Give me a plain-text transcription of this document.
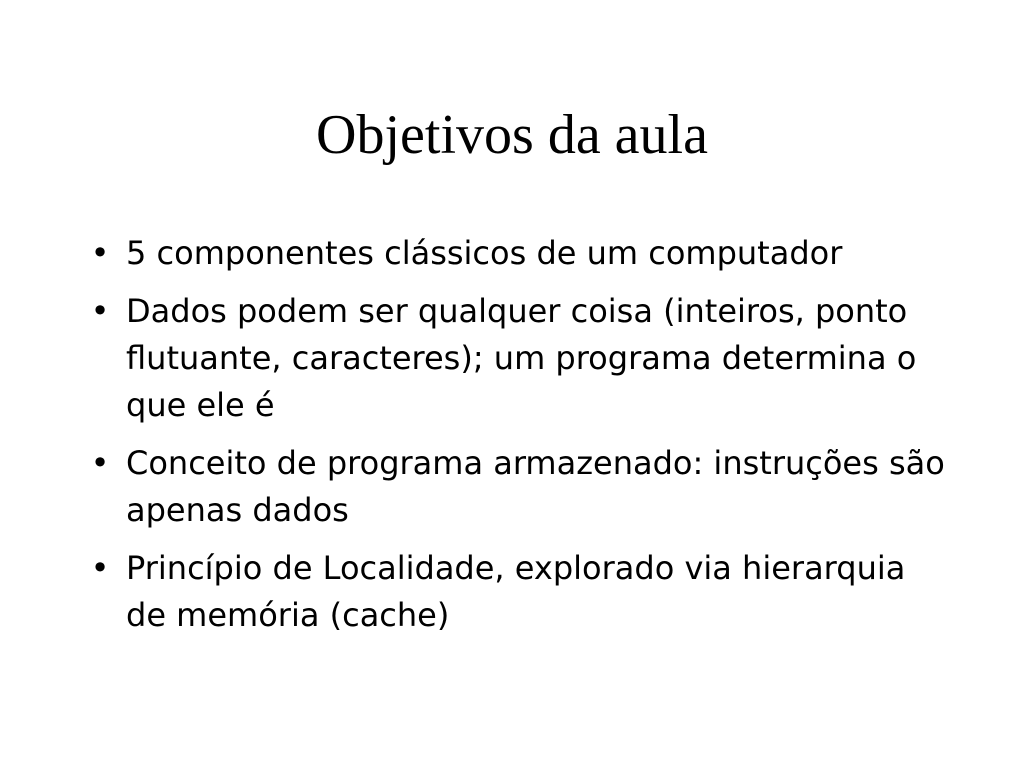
Objetivos da aula
• 5 componentes clássicos de um computador
• Dados podem ser qualquer coisa (inteiros, ponto flutuante, caracteres); um programa determina o que ele é
• Conceito de programa armazenado: instruções são apenas dados
• Princípio de Localidade, explorado via hierarquia de memória (cache)
